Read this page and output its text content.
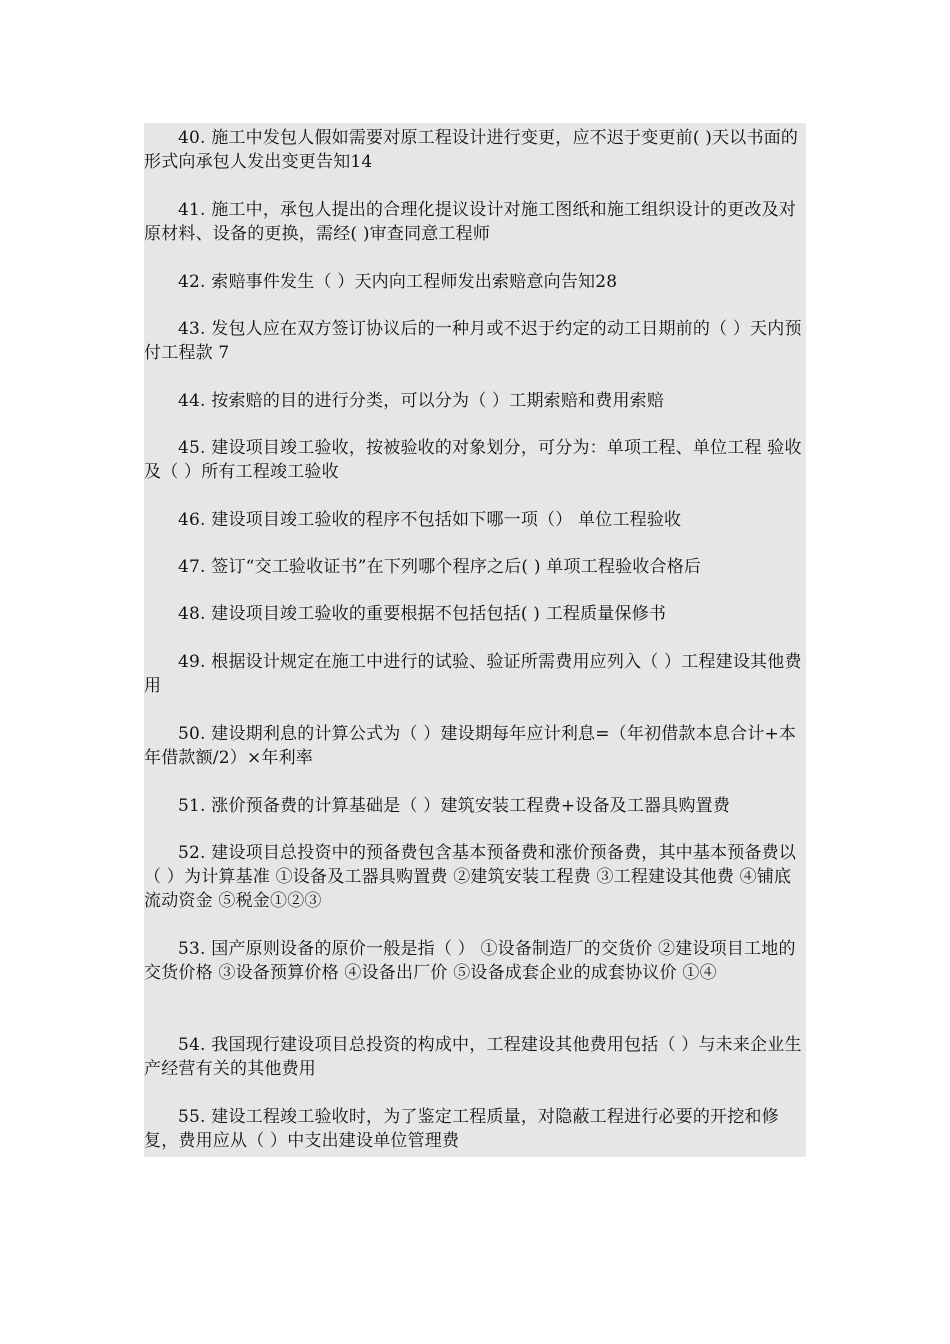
40. 施工中发包人假如需要对原工程设计进行变更，应不迟于变更前( )天以书面的形式向承包人发出变更告知14
41. 施工中，承包人提出的合理化提议设计对施工图纸和施工组织设计的更改及对原材料、设备的更换，需经( )审查同意工程师
42. 索赔事件发生（ ）天内向工程师发出索赔意向告知28
43. 发包人应在双方签订协议后的一种月或不迟于约定的动工日期前的（ ）天内预付工程款 7
44. 按索赔的目的进行分类，可以分为（ ）工期索赔和费用索赔
45. 建设项目竣工验收，按被验收的对象划分，可分为：单项工程、单位工程 验收及（ ）所有工程竣工验收
46. 建设项目竣工验收的程序不包括如下哪一项（） 单位工程验收
47. 签订“交工验收证书”在下列哪个程序之后( ) 单项工程验收合格后
48. 建设项目竣工验收的重要根据不包括包括( ) 工程质量保修书
49. 根据设计规定在施工中进行的试验、验证所需费用应列入（ ）工程建设其他费用
50. 建设期利息的计算公式为（ ）建设期每年应计利息=（年初借款本息合计+本年借款额/2）×年利率
51. 涨价预备费的计算基础是（ ）建筑安装工程费+设备及工器具购置费
52. 建设项目总投资中的预备费包含基本预备费和涨价预备费，其中基本预备费以（ ）为计算基准 ①设备及工器具购置费 ②建筑安装工程费 ③工程建设其他费 ④铺底流动资金 ⑤税金①②③
53. 国产原则设备的原价一般是指（ ） ①设备制造厂的交货价 ②建设项目工地的交货价格 ③设备预算价格 ④设备出厂价 ⑤设备成套企业的成套协议价 ①④
54. 我国现行建设项目总投资的构成中，工程建设其他费用包括（ ）与未来企业生产经营有关的其他费用
55. 建设工程竣工验收时，为了鉴定工程质量，对隐蔽工程进行必要的开挖和修复，费用应从（ ）中支出建设单位管理费
